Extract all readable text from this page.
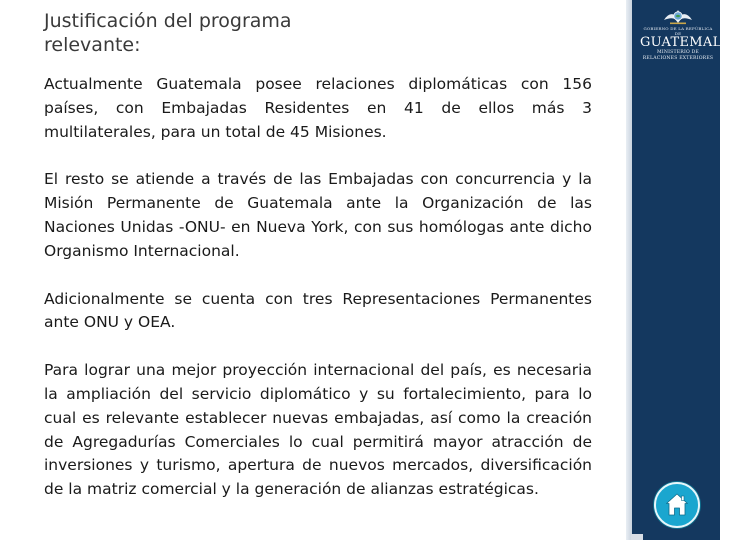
Justificación del programa
relevante:

Actualmente Guatemala posee relaciones diplomáticas con 156 países, con Embajadas Residentes en 41 de ellos más 3 multilaterales, para un total de 45 Misiones.

El resto se atiende a través de las Embajadas con concurrencia y la Misión Permanente de Guatemala ante la Organización de las Naciones Unidas -ONU- en Nueva York, con sus homólogas ante dicho Organismo Internacional.

Adicionalmente se cuenta con tres Representaciones Permanentes ante ONU y OEA.

Para lograr una mejor proyección internacional del país, es necesaria la ampliación del servicio diplomático y su fortalecimiento, para lo cual es relevante establecer nuevas embajadas, así como la creación de Agregadurías Comerciales lo cual permitirá mayor atracción de inversiones y turismo, apertura de nuevos mercados, diversificación de la matriz comercial y la generación de alianzas estratégicas.

GOBIERNO DE LA REPÚBLICA DE
GUATEMALA
MINISTERIO DE
RELACIONES EXTERIORES
